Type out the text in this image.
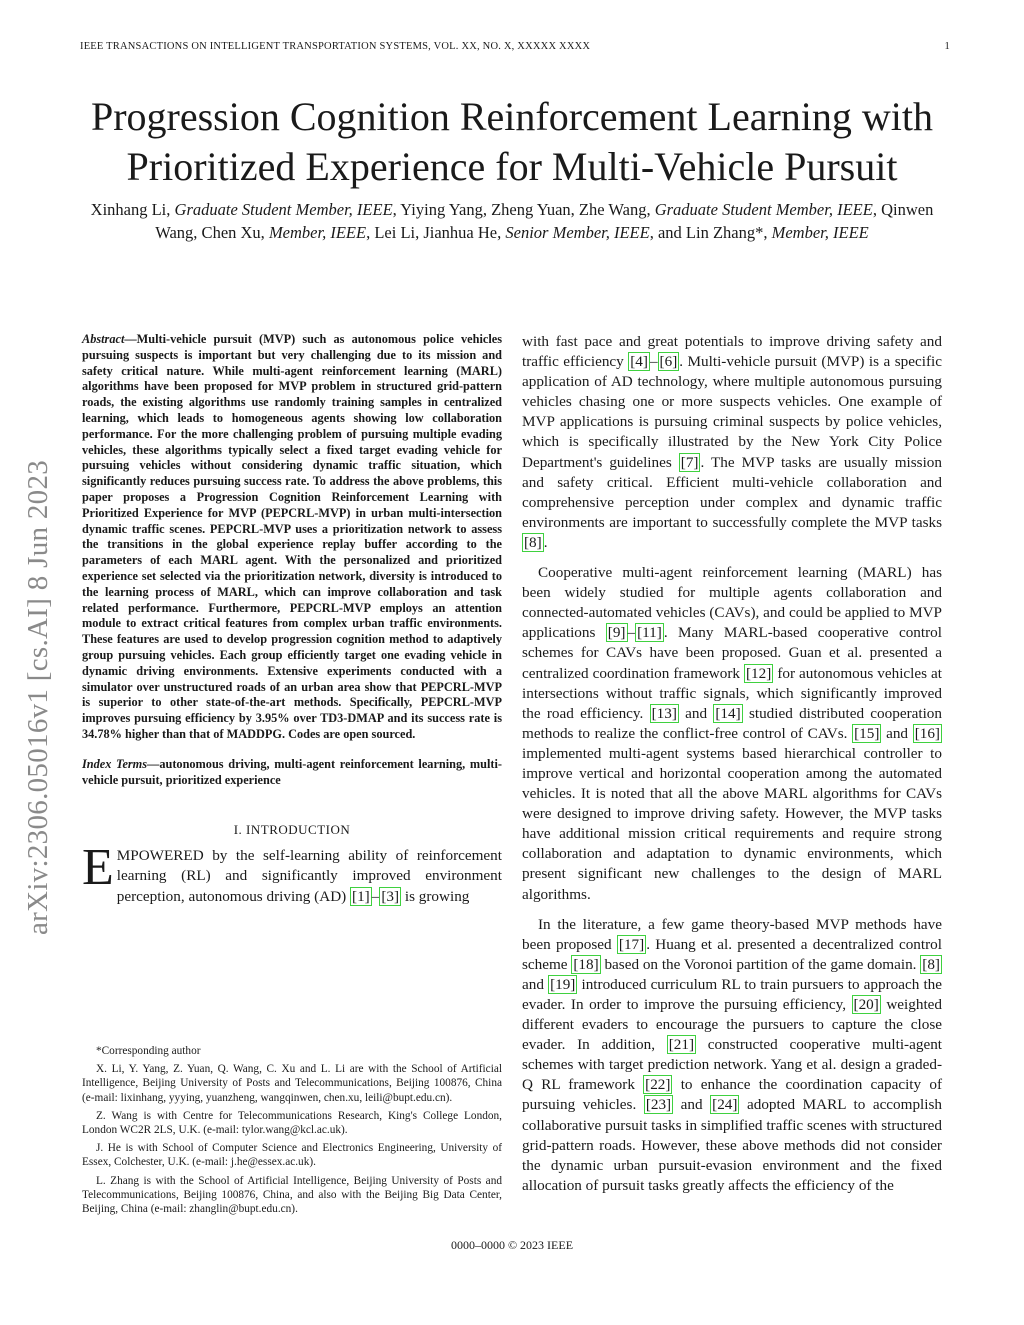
IEEE TRANSACTIONS ON INTELLIGENT TRANSPORTATION SYSTEMS, VOL. XX, NO. X, XXXXX XXXX	1
arXiv:2306.05016v1 [cs.AI] 8 Jun 2023
Progression Cognition Reinforcement Learning with Prioritized Experience for Multi-Vehicle Pursuit
Xinhang Li, Graduate Student Member, IEEE, Yiying Yang, Zheng Yuan, Zhe Wang, Graduate Student Member, IEEE, Qinwen Wang, Chen Xu, Member, IEEE, Lei Li, Jianhua He, Senior Member, IEEE, and Lin Zhang*, Member, IEEE

Abstract—Multi-vehicle pursuit (MVP) such as autonomous police vehicles pursuing suspects is important but very challenging due to its mission and safety critical nature. While multi-agent reinforcement learning (MARL) algorithms have been proposed for MVP problem in structured grid-pattern roads, the existing algorithms use randomly training samples in centralized learning, which leads to homogeneous agents showing low collaboration performance. For the more challenging problem of pursuing multiple evading vehicles, these algorithms typically select a fixed target evading vehicle for pursuing vehicles without considering dynamic traffic situation, which significantly reduces pursuing success rate. To address the above problems, this paper proposes a Progression Cognition Reinforcement Learning with Prioritized Experience for MVP (PEPCRL-MVP) in urban multi-intersection dynamic traffic scenes. PEPCRL-MVP uses a prioritization network to assess the transitions in the global experience replay buffer according to the parameters of each MARL agent. With the personalized and prioritized experience set selected via the prioritization network, diversity is introduced to the learning process of MARL, which can improve collaboration and task related performance. Furthermore, PEPCRL-MVP employs an attention module to extract critical features from complex urban traffic environments. These features are used to develop progression cognition method to adaptively group pursuing vehicles. Each group efficiently target one evading vehicle in dynamic driving environments. Extensive experiments conducted with a simulator over unstructured roads of an urban area show that PEPCRL-MVP is superior to other state-of-the-art methods. Specifically, PEPCRL-MVP improves pursuing efficiency by 3.95% over TD3-DMAP and its success rate is 34.78% higher than that of MADDPG. Codes are open sourced.

Index Terms—autonomous driving, multi-agent reinforcement learning, multi-vehicle pursuit, prioritized experience

I. INTRODUCTION

EMPOWERED by the self-learning ability of reinforcement learning (RL) and significantly improved environment perception, autonomous driving (AD) [1] – [3] is growing

*Corresponding author

X. Li, Y. Yang, Z. Yuan, Q. Wang, C. Xu and L. Li are with the School of Artificial Intelligence, Beijing University of Posts and Telecommunications, Beijing 100876, China (e-mail: lixinhang, yyying, yuanzheng, wangqinwen, chen.xu, leili@bupt.edu.cn).

Z. Wang is with Centre for Telecommunications Research, King's College London, London WC2R 2LS, U.K. (e-mail: tylor.wang@kcl.ac.uk).

J. He is with School of Computer Science and Electronics Engineering, University of Essex, Colchester, U.K. (e-mail: j.he@essex.ac.uk).

L. Zhang is with the School of Artificial Intelligence, Beijing University of Posts and Telecommunications, Beijing 100876, China, and also with the Beijing Big Data Center, Beijing, China (e-mail: zhanglin@bupt.edu.cn).

with fast pace and great potentials to improve driving safety and traffic efficiency [4] – [6] . Multi-vehicle pursuit (MVP) is a specific application of AD technology, where multiple autonomous pursuing vehicles chasing one or more suspects vehicles. One example of MVP applications is pursuing criminal suspects by police vehicles, which is specifically illustrated by the New York City Police Department's guidelines [7] . The MVP tasks are usually mission and safety critical. Efficient multi-vehicle collaboration and comprehensive perception under complex and dynamic traffic environments are important to successfully complete the MVP tasks [8] .

Cooperative multi-agent reinforcement learning (MARL) has been widely studied for multiple agents collaboration and connected-automated vehicles (CAVs), and could be applied to MVP applications [9] – [11] . Many MARL-based cooperative control schemes for CAVs have been proposed. Guan et al. presented a centralized coordination framework [12] for autonomous vehicles at intersections without traffic signals, which significantly improved the road efficiency. [13] and [14] studied distributed cooperation methods to realize the conflict-free control of CAVs. [15] and [16] implemented multi-agent systems based hierarchical controller to improve vertical and horizontal cooperation among the automated vehicles. It is noted that all the above MARL algorithms for CAVs were designed to improve driving safety. However, the MVP tasks have additional mission critical requirements and require strong collaboration and adaptation to dynamic environments, which present significant new challenges to the design of MARL algorithms.

In the literature, a few game theory-based MVP methods have been proposed [17] . Huang et al. presented a decentralized control scheme [18] based on the Voronoi partition of the game domain. [8] and [19] introduced curriculum RL to train pursuers to approach the evader. In order to improve the pursuing efficiency, [20] weighted different evaders to encourage the pursuers to capture the close evader. In addition, [21] constructed cooperative multi-agent schemes with target prediction network. Yang et al. design a graded-Q RL framework [22] to enhance the coordination capacity of pursuing vehicles. [23] and [24] adopted MARL to accomplish collaborative pursuit tasks in simplified traffic scenes with structured grid-pattern roads. However, these above methods did not consider the dynamic urban pursuit-evasion environment and the fixed allocation of pursuit tasks greatly affects the efficiency of the

0000–0000 © 2023 IEEE
